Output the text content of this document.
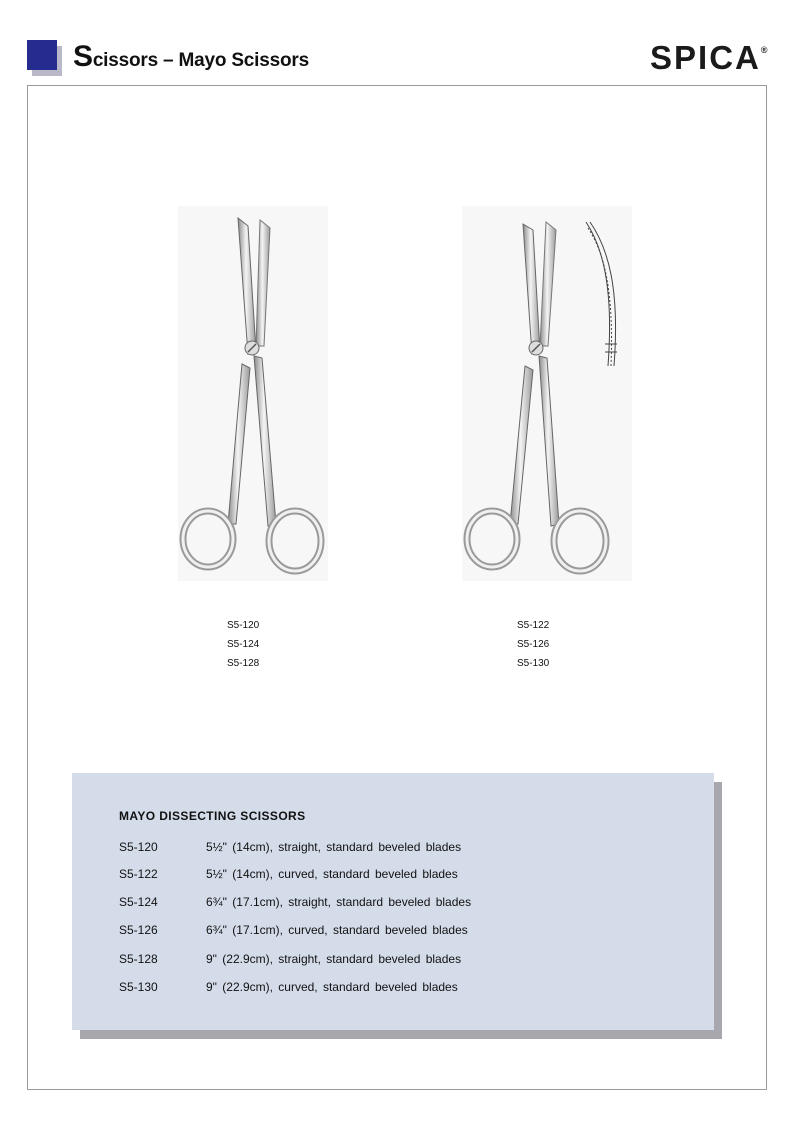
Scissors – Mayo Scissors	SPICA®
S5-120
S5-124
S5-128
S5-122
S5-126
S5-130
MAYO DISSECTING SCISSORS
S5-120	5½" (14cm), straight, standard beveled blades
S5-122	5½" (14cm), curved, standard beveled blades
S5-124	6¾" (17.1cm), straight, standard beveled blades
S5-126	6¾" (17.1cm), curved, standard beveled blades
S5-128	9" (22.9cm), straight, standard beveled blades
S5-130	9" (22.9cm), curved, standard beveled blades
